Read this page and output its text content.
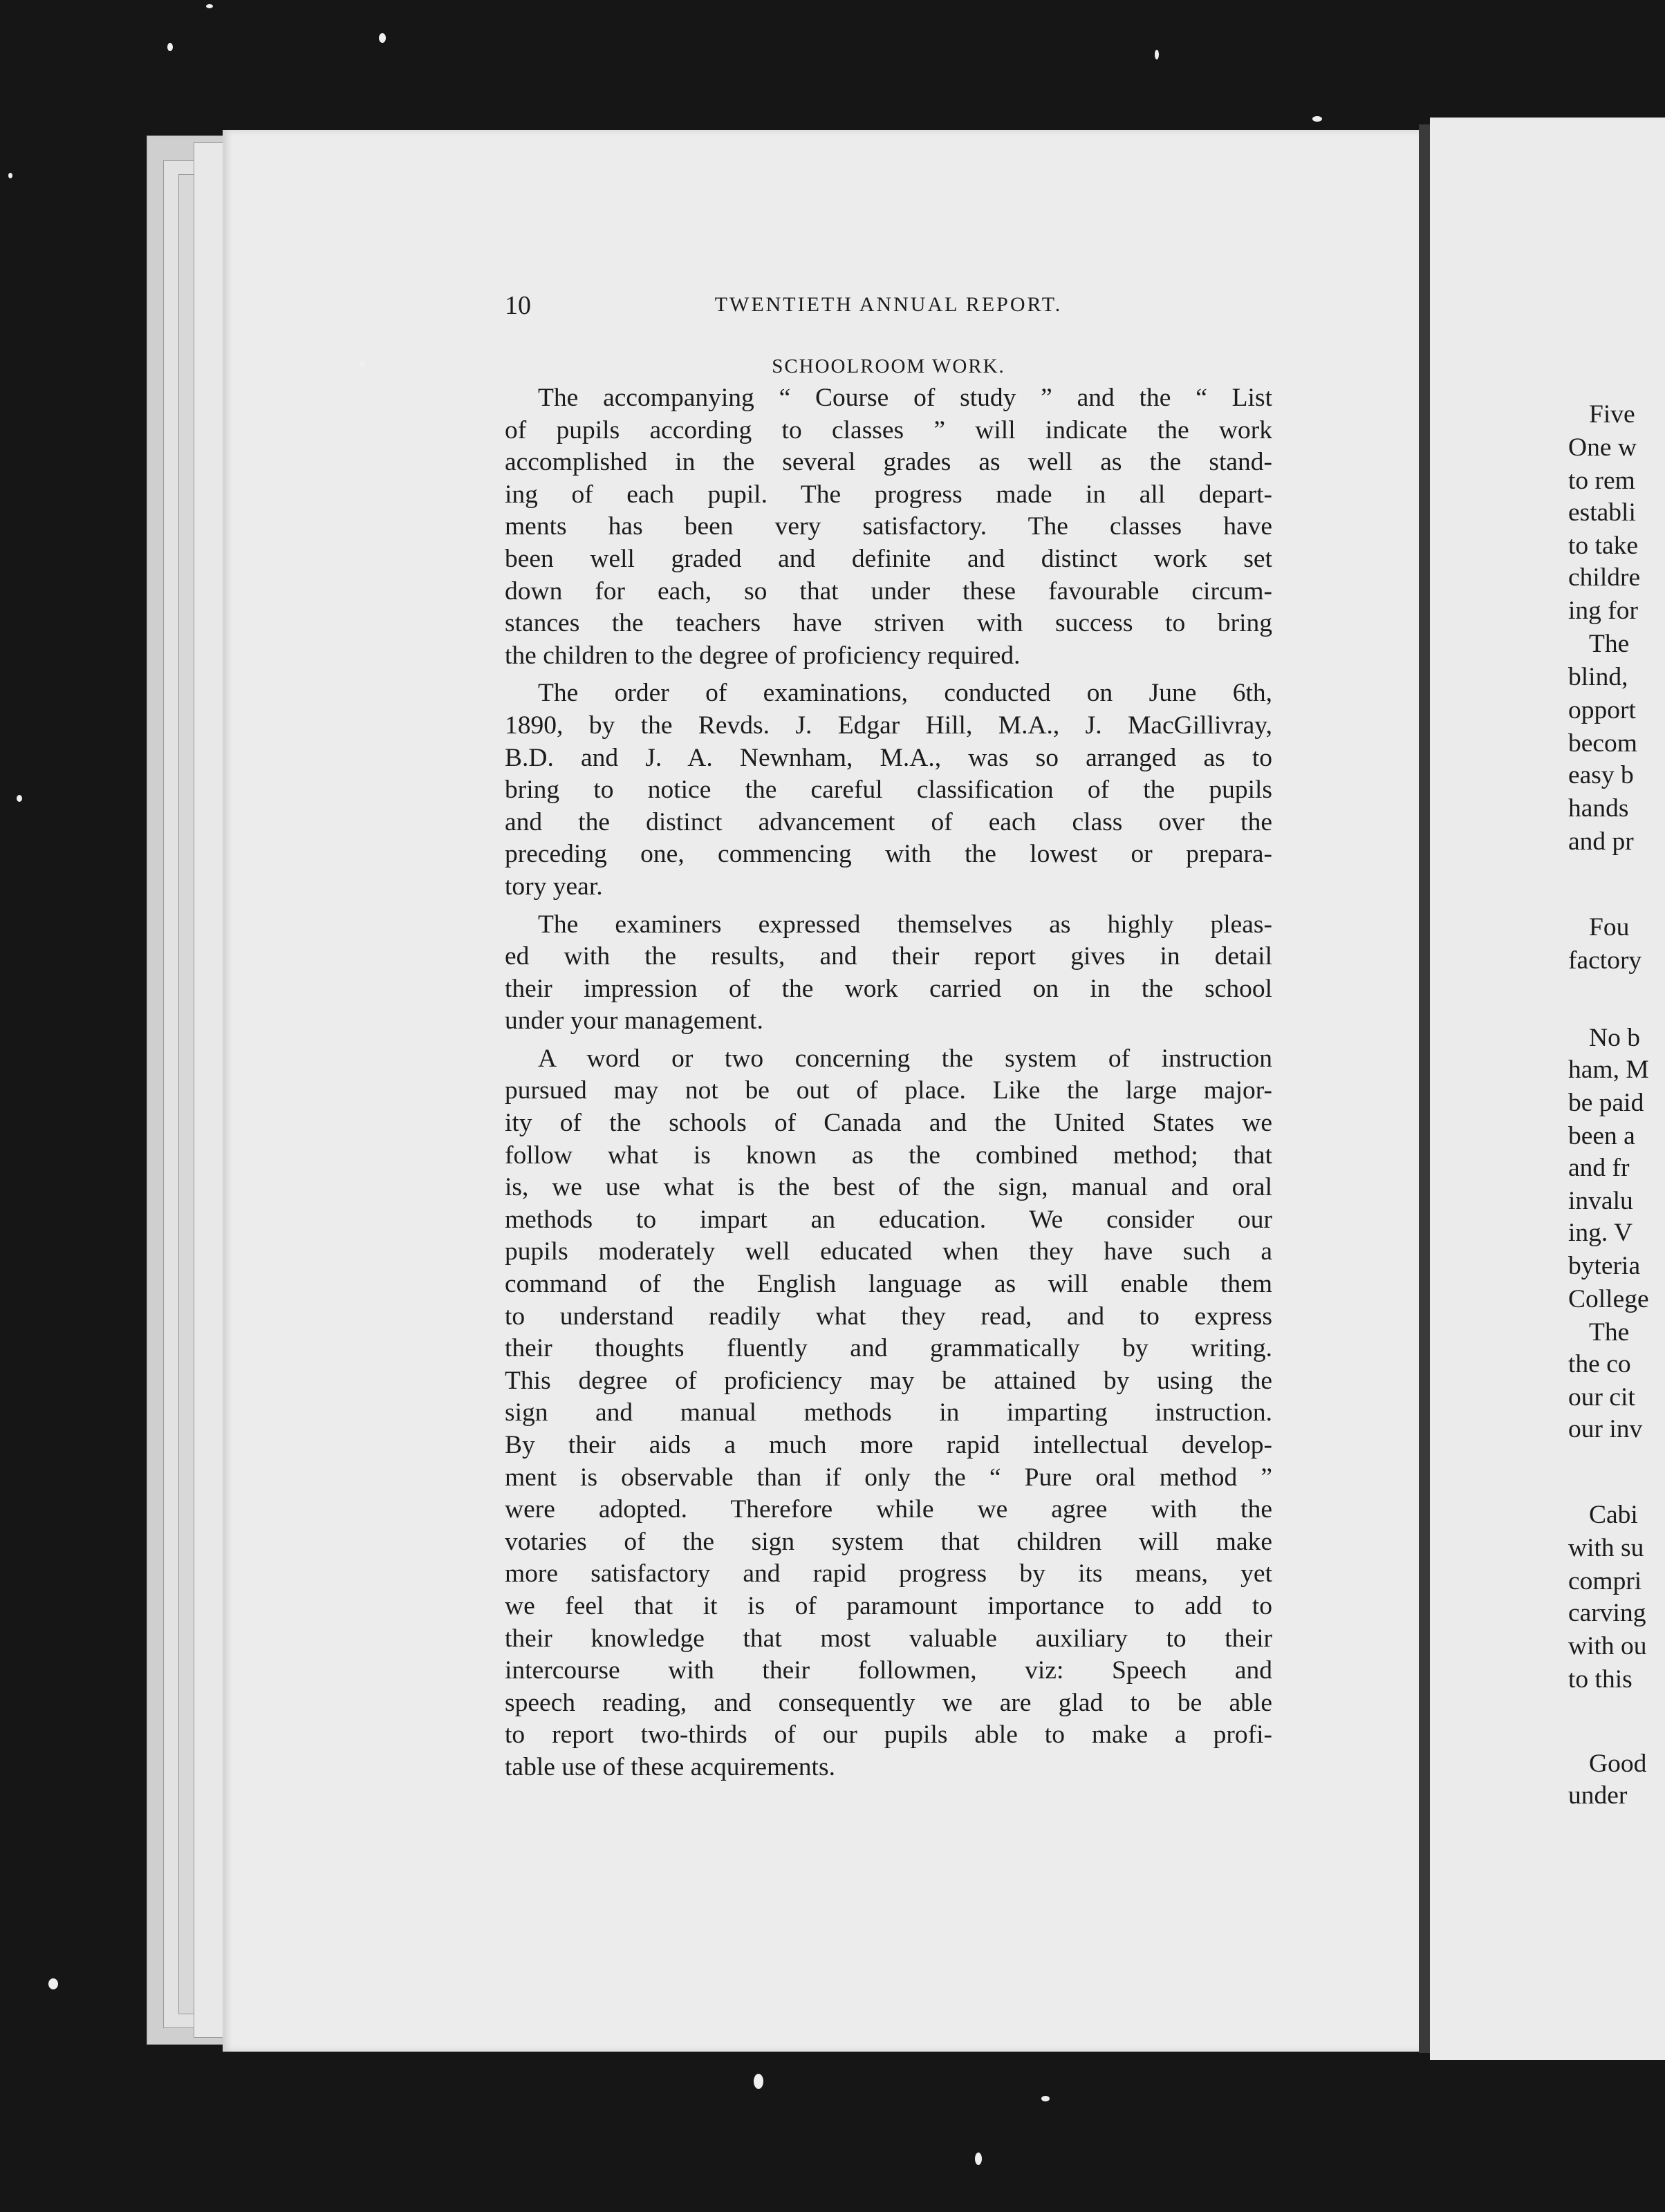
10	TWENTIETH ANNUAL REPORT.
SCHOOLROOM WORK.
The accompanying “ Course of study ” and the “ List
of pupils according to classes ” will indicate the work
accomplished in the several grades as well as the stand-
ing of each pupil. The progress made in all depart-
ments has been very satisfactory. The classes have
been well graded and definite and distinct work set
down for each, so that under these favourable circum-
stances the teachers have striven with success to bring
the children to the degree of proficiency required.
The order of examinations, conducted on June 6th,
1890, by the Revds. J. Edgar Hill, M.A., J. MacGillivray,
B.D. and J. A. Newnham, M.A., was so arranged as to
bring to notice the careful classification of the pupils
and the distinct advancement of each class over the
preceding one, commencing with the lowest or prepara-
tory year.
The examiners expressed themselves as highly pleas-
ed with the results, and their report gives in detail
their impression of the work carried on in the school
under your management.
A word or two concerning the system of instruction
pursued may not be out of place. Like the large major-
ity of the schools of Canada and the United States we
follow what is known as the combined method; that
is, we use what is the best of the sign, manual and oral
methods to impart an education. We consider our
pupils moderately well educated when they have such a
command of the English language as will enable them
to understand readily what they read, and to express
their thoughts fluently and grammatically by writing.
This degree of proficiency may be attained by using the
sign and manual methods in imparting instruction.
By their aids a much more rapid intellectual develop-
ment is observable than if only the “ Pure oral method ”
were adopted. Therefore while we agree with the
votaries of the sign system that children will make
more satisfactory and rapid progress by its means, yet
we feel that it is of paramount importance to add to
their knowledge that most valuable auxiliary to their
intercourse with their followmen, viz: Speech and
speech reading, and consequently we are glad to be able
to report two-thirds of our pupils able to make a profi-
table use of these acquirements.
Five
One w
to rem
establi
to take
childre
ing for
The
blind,
opport
becom
easy b
hands
and pr
Fou
factory
No b
ham, M
be paid
been a
and fr
invalu
ing. V
byteria
College
The
the co
our cit
our inv
Cabi
with su
compri
carving
with ou
to this
Good
under
